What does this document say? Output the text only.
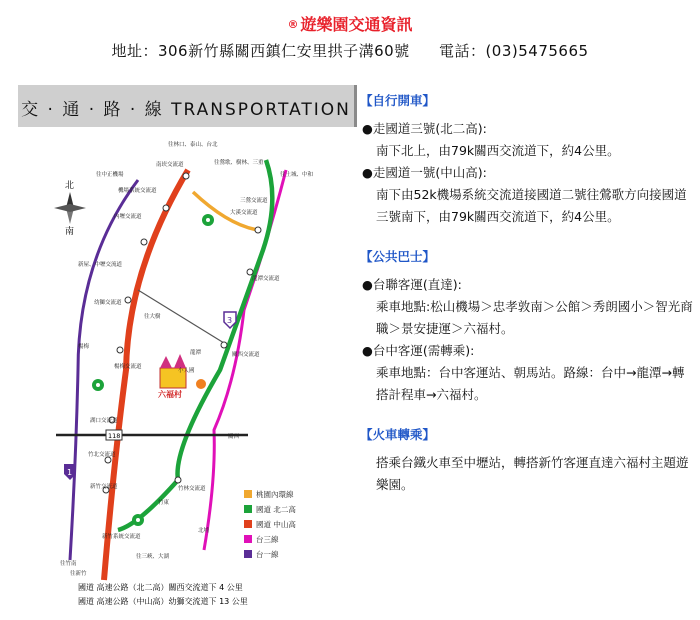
® 遊樂園交通資訊
地址：306新竹縣關西鎮仁安里拱子溝60號 電話：(03)5475665
交 · 通 · 路 · 線 TRANSPORTATION
北
南
3
1
118
六福村
往林口、泰山、台北
南崁交流道
往中正機場
機場系統交流道
內壢交流道
新屋、中壢交流道
幼獅交流道
楊梅
楊梅交流道
湖口交流道
竹北交流道
新竹交流道
新竹系統交流道
往三峽、大湖
往竹南
往新竹
往鶯歌、樹林、三重
往土城、中和
三鶯交流道
大溪交流道
龍潭交流道
關西交流道
竹林交流道
竹東
北埔
關西
龍潭
小人國
往大樹
桃園內環線
國道 北二高
國道 中山高
台三線
台一線
國道 高速公路（北二高）關西交流道下 4 公里
國道 高速公路（中山高）幼獅交流道下 13 公里
【自行開車】
●走國道三號(北二高):
南下北上，由79k關西交流道下，約4公里。
●走國道一號(中山高):
南下由52k機場系統交流道接國道二號往鶯歌方向接國道三號南下，由79k關西交流道下，約4公里。
【公共巴士】
●台聯客運(直達):
乘車地點:松山機場＞忠孝敦南＞公館＞秀朗國小＞智光商職＞景安捷運＞六福村。
●台中客運(需轉乘):
乘車地點：台中客運站、朝馬站。路線：台中→龍潭→轉搭計程車→六福村。
【火車轉乘】
搭乘台鐵火車至中壢站，轉搭新竹客運直達六福村主題遊樂園。
